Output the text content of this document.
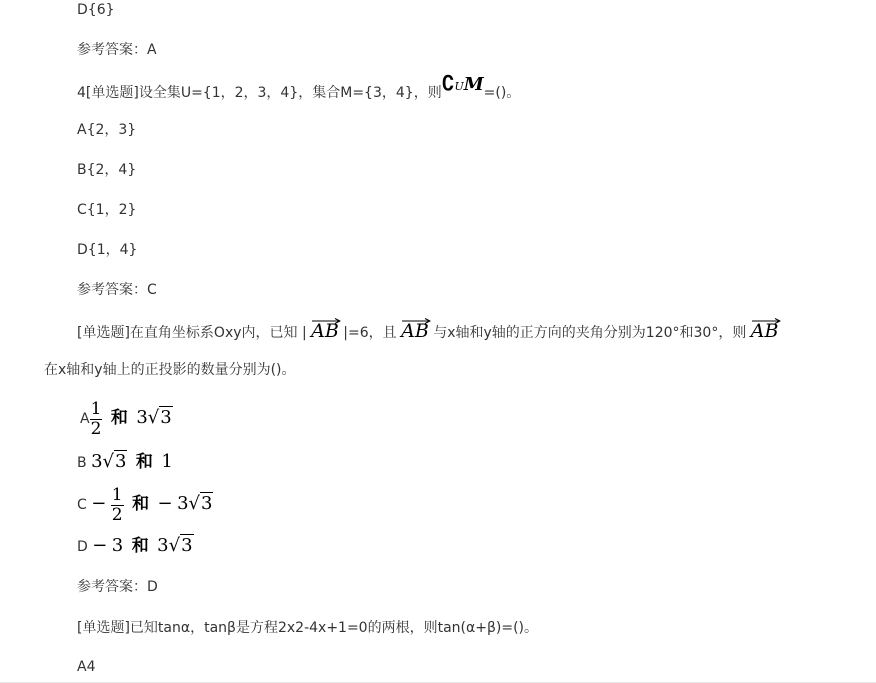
D{6}
参考答案：A
4[单选题]设全集U={1，2，3，4}，集合M={3，4}，则∁UM=()。
A{2，3}
B{2，4}
C{1，2}
D{1，4}
参考答案：C
[单选题]在直角坐标系Oxy内，已知 | AB |=6，且 AB 与x轴和y轴的正方向的夹角分别为120°和30°，则 AB
在x轴和y轴上的正投影的数量分别为()。
A $\frac{1}{2}$ 和 3√3
B 3√3 和 1
$C - \frac{1}{2}$ 和 − 3√3
D − 3 和 3√3
参考答案：D
[单选题]已知tanα，tanβ是方程2x2-4x+1=0的两根，则tan(α+β)=()。
A4
